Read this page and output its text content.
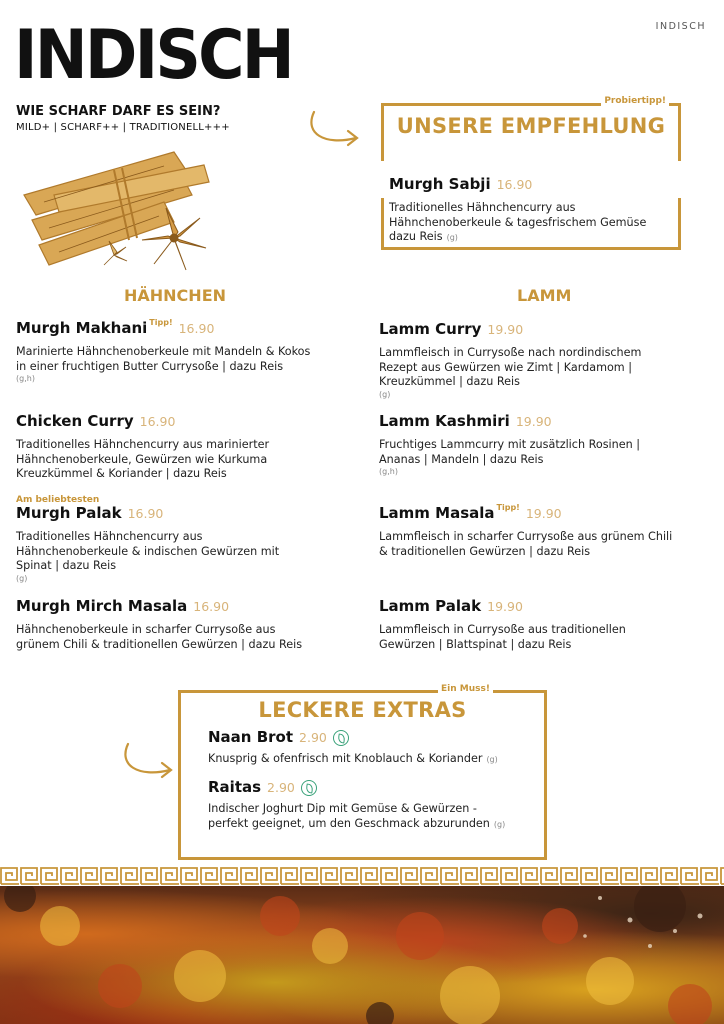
INDISCH
INDISCH
WIE SCHARF DARF ES SEIN?
MILD+ | SCHARF++ | TRADITIONELL+++
Probiertipp!
UNSERE EMPFEHLUNG
Murgh Sabji 16.90
Traditionelles Hähnchencurry aus Hähnchenoberkeule & tagesfrischem Gemüse dazu Reis (g)
HÄHNCHEN
Murgh Makhani $^{Tipp!}$ 16.90
Marinierte Hähnchenoberkeule mit Mandeln & Kokos in einer fruchtigen Butter Currysoße | dazu Reis
(g,h)
Chicken Curry 16.90
Traditionelles Hähnchencurry aus marinierter Hähnchenoberkeule, Gewürzen wie Kurkuma Kreuzkümmel & Koriander | dazu Reis
Am beliebtesten
Murgh Palak 16.90
Traditionelles Hähnchencurry aus Hähnchenoberkeule & indischen Gewürzen mit Spinat | dazu Reis
(g)
Murgh Mirch Masala 16.90
Hähnchenoberkeule in scharfer Currysoße aus grünem Chili & traditionellen Gewürzen | dazu Reis
LAMM
Lamm Curry 19.90
Lammfleisch in Currysoße nach nordindischem Rezept aus Gewürzen wie Zimt | Kardamom | Kreuzkümmel | dazu Reis
(g)
Lamm Kashmiri 19.90
Fruchtiges Lammcurry mit zusätzlich Rosinen | Ananas | Mandeln | dazu Reis
(g,h)
Lamm Masala $^{Tipp!}$ 19.90
Lammfleisch in scharfer Currysoße aus grünem Chili & traditionellen Gewürzen | dazu Reis
Lamm Palak 19.90
Lammfleisch in Currysoße aus traditionellen Gewürzen | Blattspinat | dazu Reis
Ein Muss!
LECKERE EXTRAS
Naan Brot 2.90
Knusprig & ofenfrisch mit Knoblauch & Koriander (g)
Raitas 2.90
Indischer Joghurt Dip mit Gemüse & Gewürzen - perfekt geeignet, um den Geschmack abzurunden (g)
